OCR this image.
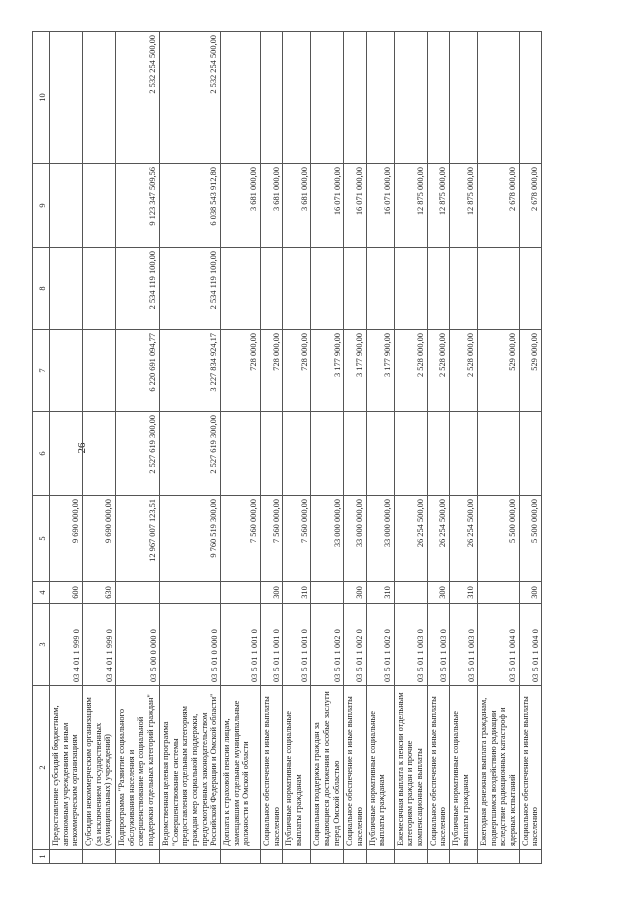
26
1	2	3	4	5	6	7	8	9	10
	Предоставление субсидий бюджетным, автономным учреждениям и иным некоммерческим организациям	03 4 01 1 999 0	600	9 690 000,00					
	Субсидии некоммерческим организациям (за исключением государственных (муниципальных) учреждений)	03 4 01 1 999 0	630	9 690 000,00					
	Подпрограмма "Развитие социального обслуживания населения и совершенствование мер социальной поддержки отдельных категорий граждан"	03 5 00 0 000 0		12 967 007 123,51	2 527 619 300,00	6 220 691 094,77	2 534 119 100,00	9 123 347 509,56	2 532 254 500,00
	Ведомственная целевая программа "Совершенствование системы предоставления отдельным категориям граждан мер социальной поддержки, предусмотренных законодательством Российской Федерации и Омской области"	03 5 01 0 000 0		9 760 519 300,00	2 527 619 300,00	3 227 834 924,17	2 534 119 100,00	6 038 543 912,80	2 532 254 500,00
	Доплата к страховой пенсии лицам, замещавшим отдельные муниципальные должности в Омской области	03 5 01 1 001 0		7 560 000,00		728 000,00		3 681 000,00	
	Социальное обеспечение и иные выплаты населению	03 5 01 1 001 0	300	7 560 000,00		728 000,00		3 681 000,00	
	Публичные нормативные социальные выплаты гражданам	03 5 01 1 001 0	310	7 560 000,00		728 000,00		3 681 000,00	
	Социальная поддержка граждан за выдающиеся достижения и особые заслуги перед Омской областью	03 5 01 1 002 0		33 000 000,00		3 177 900,00		16 071 000,00	
	Социальное обеспечение и иные выплаты населению	03 5 01 1 002 0	300	33 000 000,00		3 177 900,00		16 071 000,00	
	Публичные нормативные социальные выплаты гражданам	03 5 01 1 002 0	310	33 000 000,00		3 177 900,00		16 071 000,00	
	Ежемесячная выплата к пенсии отдельным категориям граждан и прочие компенсационные выплаты	03 5 01 1 003 0		26 254 500,00		2 528 000,00		12 875 000,00	
	Социальное обеспечение и иные выплаты населению	03 5 01 1 003 0	300	26 254 500,00		2 528 000,00		12 875 000,00	
	Публичные нормативные социальные выплаты гражданам	03 5 01 1 003 0	310	26 254 500,00		2 528 000,00		12 875 000,00	
	Ежегодная денежная выплата гражданам, подвергшимся воздействию радиации вследствие радиационных катастроф и ядерных испытаний	03 5 01 1 004 0		5 500 000,00		529 000,00		2 678 000,00	
	Социальное обеспечение и иные выплаты населению	03 5 01 1 004 0	300	5 500 000,00		529 000,00		2 678 000,00	
